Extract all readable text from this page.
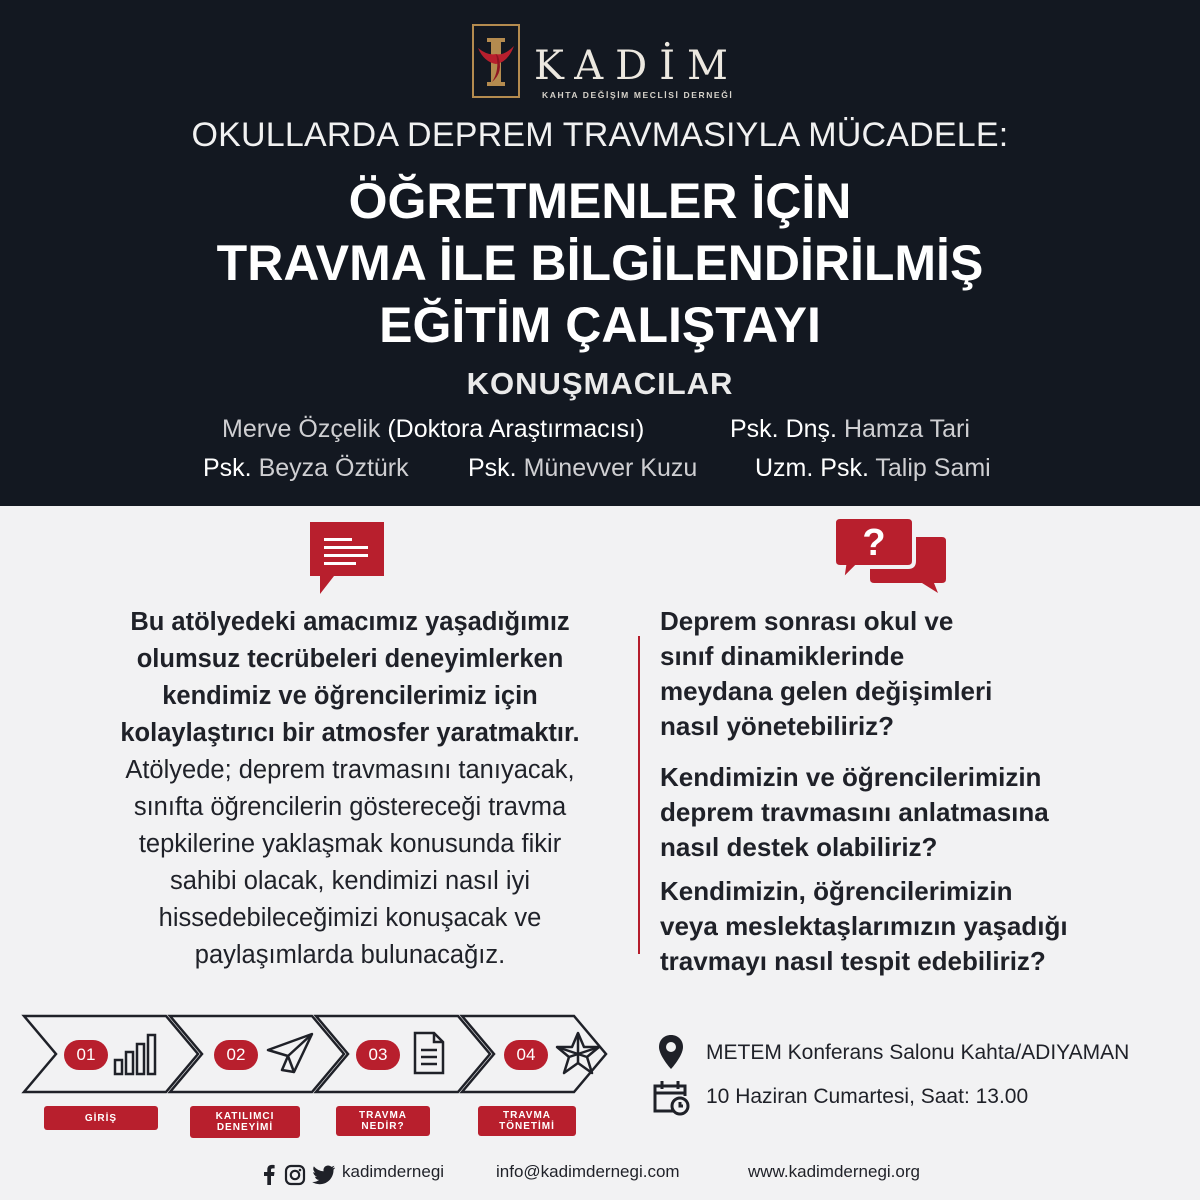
KADİM
KAHTA DEĞİŞİM MECLİSİ DERNEĞİ
OKULLARDA DEPREM TRAVMASIYLA MÜCADELE:
ÖĞRETMENLER İÇİN
TRAVMA İLE BİLGİLENDİRİLMİŞ
EĞİTİM ÇALIŞTAYI
KONUŞMACILAR
Merve Özçelik (Doktora Araştırmacısı)	Psk. Dnş. Hamza Tari
Psk. Beyza Öztürk Psk. Münevver Kuzu Uzm. Psk. Talip Sami
?
Bu atölyedeki amacımız yaşadığımız
olumsuz tecrübeleri deneyimlerken
kendimiz ve öğrencilerimiz için
kolaylaştırıcı bir atmosfer yaratmaktır.
Atölyede; deprem travmasını tanıyacak,
sınıfta öğrencilerin göstereceği travma
tepkilerine yaklaşmak konusunda fikir
sahibi olacak, kendimizi nasıl iyi
hissedebileceğimizi konuşacak ve
paylaşımlarda bulunacağız.
Deprem sonrası okul ve
sınıf dinamiklerinde
meydana gelen değişimleri
nasıl yönetebiliriz?
Kendimizin ve öğrencilerimizin
deprem travmasını anlatmasına
nasıl destek olabiliriz?
Kendimizin, öğrencilerimizin
veya meslektaşlarımızın yaşadığı
travmayı nasıl tespit edebiliriz?
01	02	03	04
GİRİŞ	KATILIMCI DENEYİMİ
TRAVMA NEDİR?
TRAVMA TÖNETİMİ
METEM Konferans Salonu Kahta/ADIYAMAN
10 Haziran Cumartesi, Saat: 13.00
kadimdernegi	info@kadimdernegi.com	www.kadimdernegi.org
